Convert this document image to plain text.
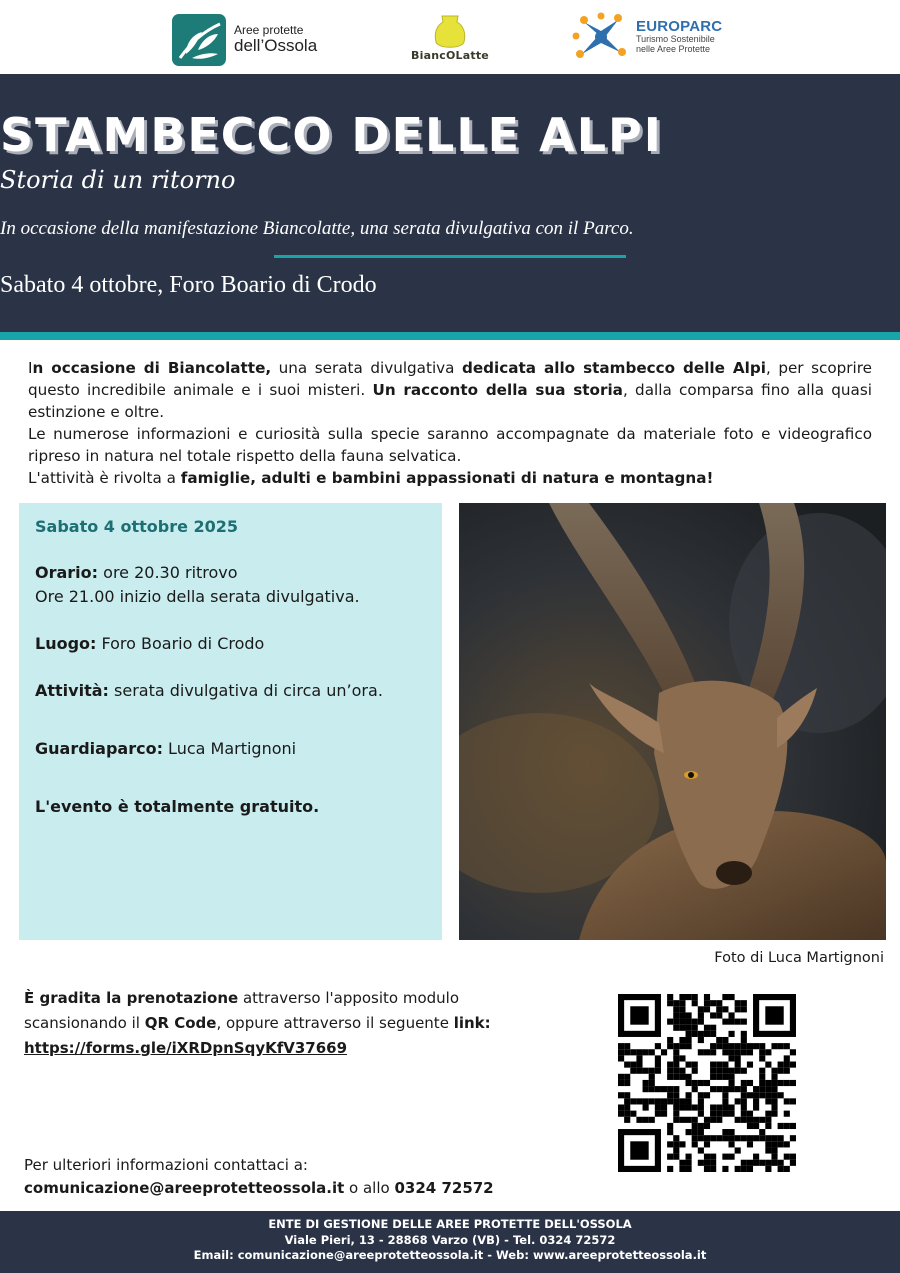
Aree protette
dell’Ossola
BiancOLatte
EUROPARC
Turismo Sostenibile
nelle Aree Protette
STAMBECCO DELLE ALPI
Storia di un ritorno
In occasione della manifestazione Biancolatte, una serata divulgativa con il Parco.
Sabato 4 ottobre, Foro Boario di Crodo
In occasione di Biancolatte, una serata divulgativa dedicata allo stambecco delle Alpi, per scoprire questo incredibile animale e i suoi misteri. Un racconto della sua storia, dalla comparsa fino alla quasi estinzione e oltre.
Le numerose informazioni e curiosità sulla specie saranno accompagnate da materiale foto e videografico ripreso in natura nel totale rispetto della fauna selvatica.
L'attività è rivolta a famiglie, adulti e bambini appassionati di natura e montagna!
Sabato 4 ottobre 2025

Orario: ore 20.30 ritrovo
Ore 21.00 inizio della serata divulgativa.

Luogo: Foro Boario di Crodo

Attività: serata divulgativa di circa un’ora.

Guardiaparco: Luca Martignoni

L'evento è totalmente gratuito.

Foto di Luca Martignoni
È gradita la prenotazione attraverso l'apposito modulo scansionando il QR Code, oppure attraverso il seguente link: https://forms.gle/iXRDpnSqyKfV37669
Per ulteriori informazioni contattaci a:
comunicazione@areeprotetteossola.it o allo 0324 72572
ENTE DI GESTIONE DELLE AREE PROTETTE DELL'OSSOLA
Viale Pieri, 13 - 28868 Varzo (VB) - Tel. 0324 72572
Email: comunicazione@areeprotetteossola.it - Web: www.areeprotetteossola.it
